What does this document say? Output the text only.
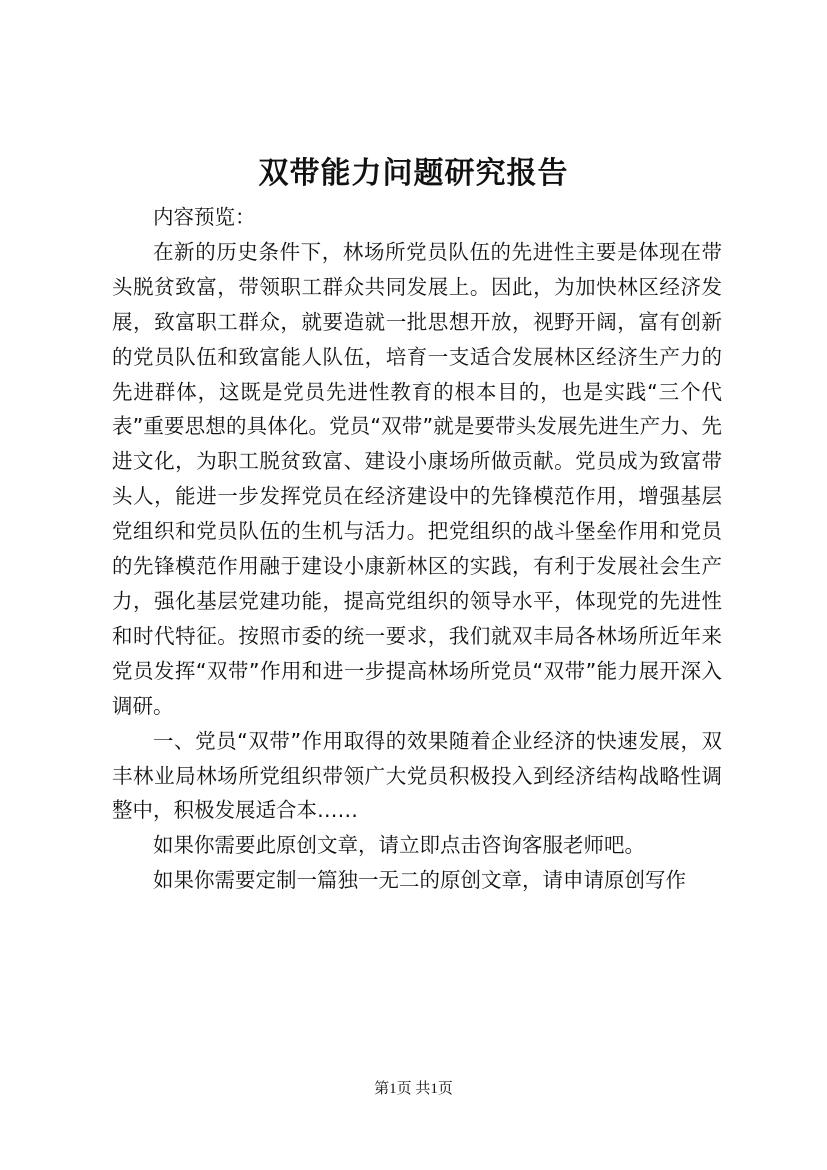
双带能力问题研究报告

内容预览：

在新的历史条件下，林场所党员队伍的先进性主要是体现在带头脱贫致富，带领职工群众共同发展上。因此，为加快林区经济发展，致富职工群众，就要造就一批思想开放，视野开阔，富有创新的党员队伍和致富能人队伍，培育一支适合发展林区经济生产力的先进群体，这既是党员先进性教育的根本目的，也是实践“三个代表”重要思想的具体化。党员“双带”就是要带头发展先进生产力、先进文化，为职工脱贫致富、建设小康场所做贡献。党员成为致富带头人，能进一步发挥党员在经济建设中的先锋模范作用，增强基层党组织和党员队伍的生机与活力。把党组织的战斗堡垒作用和党员的先锋模范作用融于建设小康新林区的实践，有利于发展社会生产力，强化基层党建功能，提高党组织的领导水平，体现党的先进性和时代特征。按照市委的统一要求，我们就双丰局各林场所近年来党员发挥“双带”作用和进一步提高林场所党员“双带”能力展开深入调研。

一、党员“双带”作用取得的效果随着企业经济的快速发展，双丰林业局林场所党组织带领广大党员积极投入到经济结构战略性调整中，积极发展适合本……

如果你需要此原创文章，请立即点击咨询客服老师吧。

如果你需要定制一篇独一无二的原创文章，请申请原创写作

第1页 共1页
